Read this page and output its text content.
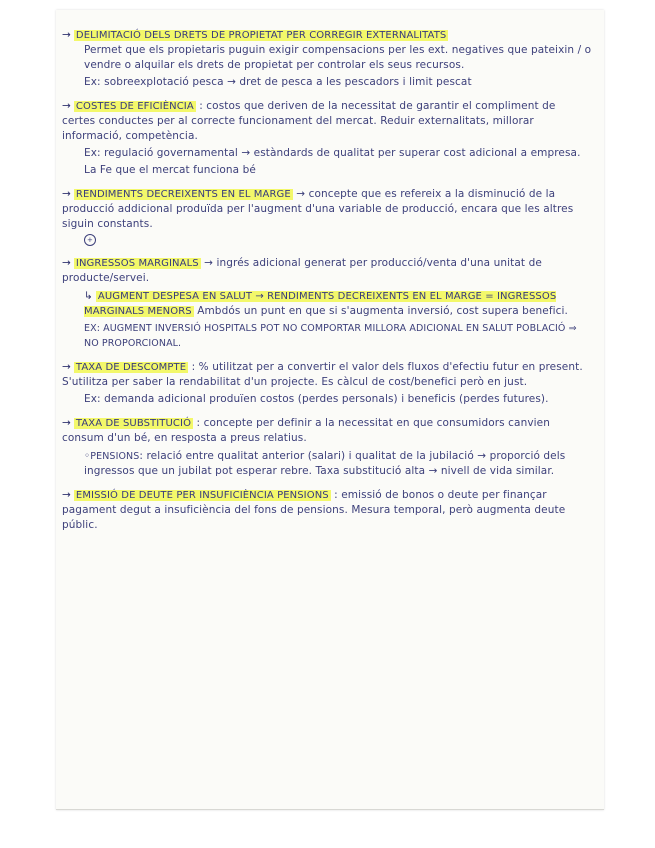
→ DELIMITACIÓ DELS DRETS DE PROPIETAT PER CORREGIR EXTERNALITATS
Permet que els propietaris puguin exigir compensacions per les ext. negatives que pateixin / o vendre o alquilar els drets de propietat per controlar els seus recursos.
Ex: sobreexplotació pesca → dret de pesca a les pescadors i limit pescat
→ COSTES DE EFICIÈNCIA : costos que deriven de la necessitat de garantir el compliment de certes conductes per al correcte funcionament del mercat. Reduir externalitats, millorar informació, competència.
Ex: regulació governamental → estàndards de qualitat per superar cost adicional a empresa.
La Fe que el mercat funciona bé
→ RENDIMENTS DECREIXENTS EN EL MARGE → concepte que es refereix a la disminució de la producció addicional produïda per l'augment d'una variable de producció, encara que les altres siguin constants.
+
→ INGRESSOS MARGINALS → ingrés adicional generat per producció/venta d'una unitat de producte/servei.
↳ AUGMENT DESPESA EN SALUT → RENDIMENTS DECREIXENTS EN EL MARGE = INGRESSOS MARGINALS MENORS Ambdós un punt en que si s'augmenta inversió, cost supera benefici.
EX: AUGMENT INVERSIÓ HOSPITALS POT NO COMPORTAR MILLORA ADICIONAL EN SALUT POBLACIÓ ⇒ NO PROPORCIONAL.
→ TAXA DE DESCOMPTE : % utilitzat per a convertir el valor dels fluxos d'efectiu futur en present. S'utilitza per saber la rendabilitat d'un projecte. Es càlcul de cost/benefici però en just.
Ex: demanda adicional produïen costos (perdes personals) i beneficis (perdes futures).
→ TAXA DE SUBSTITUCIÓ : concepte per definir a la necessitat en que consumidors canvien consum d'un bé, en resposta a preus relatius.
◦PENSIONS: relació entre qualitat anterior (salari) i qualitat de la jubilació → proporció dels ingressos que un jubilat pot esperar rebre. Taxa substitució alta → nivell de vida similar.
→ EMISSIÓ DE DEUTE PER INSUFICIÈNCIA PENSIONS : emissió de bonos o deute per finançar pagament degut a insuficiència del fons de pensions. Mesura temporal, però augmenta deute públic.
